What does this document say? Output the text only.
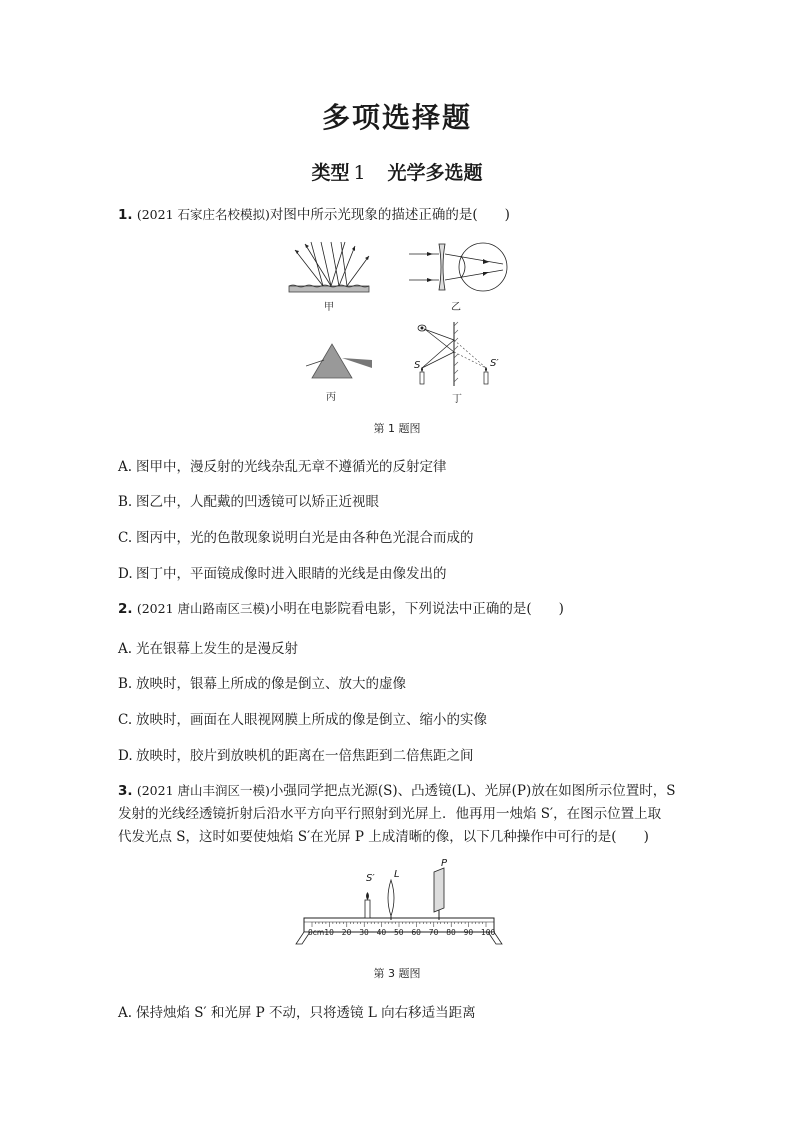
多项选择题
类型 1 光学多选题
1. (2021 石家庄名校模拟)对图中所示光现象的描述正确的是(　　)
甲	乙
丙
S	S′
丁
第 1 题图
A. 图甲中，漫反射的光线杂乱无章不遵循光的反射定律
B. 图乙中，人配戴的凹透镜可以矫正近视眼
C. 图丙中，光的色散现象说明白光是由各种色光混合而成的
D. 图丁中，平面镜成像时进入眼睛的光线是由像发出的
2. (2021 唐山路南区三模)小明在电影院看电影，下列说法中正确的是(　　)
A. 光在银幕上发生的是漫反射
B. 放映时，银幕上所成的像是倒立、放大的虚像
C. 放映时，画面在人眼视网膜上所成的像是倒立、缩小的实像
D. 放映时，胶片到放映机的距离在一倍焦距到二倍焦距之间
3. (2021 唐山丰润区一模)小强同学把点光源(S)、凸透镜(L)、光屏(P)放在如图所示位置时，S
发射的光线经透镜折射后沿水平方向平行照射到光屏上．他再用一烛焰 S′，在图示位置上取
代发光点 S，这时如要使烛焰 S′在光屏 P 上成清晰的像，以下几种操作中可行的是(　　)
S′ L
P
0cm 10 20 30 40 50 60 70 80 90 100
第 3 题图
A. 保持烛焰 S′ 和光屏 P 不动，只将透镜 L 向右移适当距离
